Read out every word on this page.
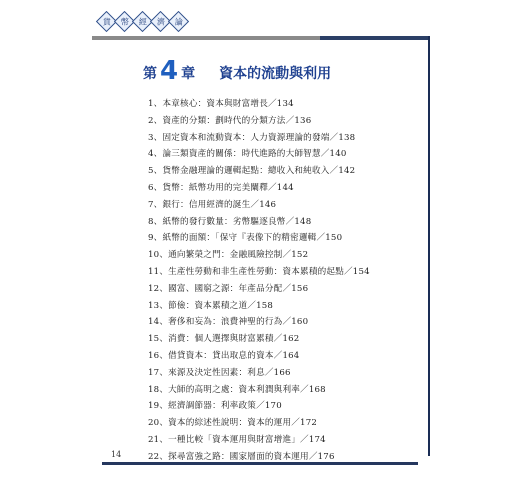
貨	幣	經	濟	論
第 4 章 資本的流動與利用
1、本章核心：資本與財富增長／134
2、資產的分類：劃時代的分類方法／136
3、固定資本和流動資本：人力資源理論的發端／138
4、論三類資產的關係：時代進路的大師智慧／140
5、貨幣金融理論的邏輯起點：總收入和純收入／142
6、貨幣：紙幣功用的完美闡釋／144
7、銀行：信用經濟的誕生／146
8、紙幣的發行數量：劣幣驅逐良幣／148
9、紙幣的面額：「保守『表像下的精密邏輯／150
10、通向繁榮之門：金融風險控制／152
11、生產性勞動和非生產性勞動：資本累積的起點／154
12、國富、國窮之源：年產品分配／156
13、節儉：資本累積之道／158
14、奢侈和妄為：浪費神聖的行為／160
15、消費：個人選擇與財富累積／162
16、借貸資本：貸出取息的資本／164
17、來源及決定性因素：利息／166
18、大師的高明之處：資本利潤與利率／168
19、經濟調節器：利率政策／170
20、資本的綜述性說明：資本的運用／172
21、一種比較「資本運用與財富增進」／174
22、探尋富強之路：國家層面的資本運用／176
14
